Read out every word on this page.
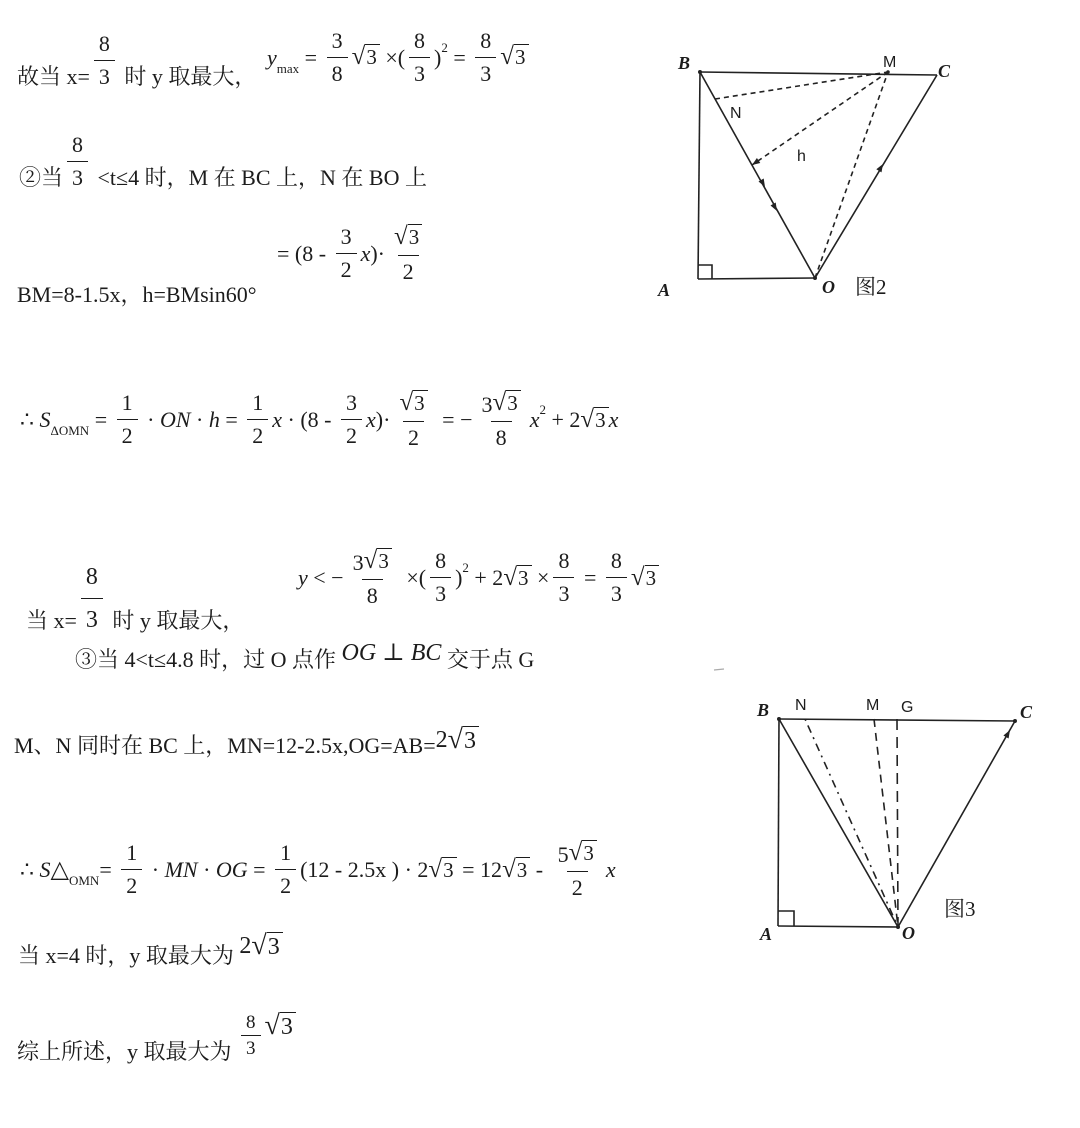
故当 $x= \frac{8}{3}$ 时 y 取最大，
y $\max = \frac{3}{8}$ √ 3 ×( $\frac{8}{3}$ ) $2 = \frac{8}{3}$ √ 3
②当 $\frac{8}{3} <t\le 4$ 时，M 在 BC 上，N 在 BO 上
BM=8-1.5x，h=BMsin60°
= ($8 - \frac{3}{2}$ x )· $\frac{√ 3}{2}$
∴ S $\Delta OMN = \frac{1}{2}$ · ON · $h = \frac{1}{2}$ $x \cdot (8 - \frac{3}{2}$ x )· $\frac{√ 3}{2}$ = − $\frac{3 √ 3}{8}$ x 2 + 2 √ 3 x
当 $x= \frac{8}{3}$ 时 y 取最大，
y < − $\frac{3 √ 3}{8}$ ×( $\frac{8}{3}$ ) 2 + 2 √ $3 \times \frac{8}{3} = \frac{8}{3}$ √ 3
③当 4<t≤4.8 时，过 O 点作 OG ⊥ BC 交于点 G
M、N 同时在 BC 上，MN=12-2.5x,OG=AB= 2 √ 3
∴ S △ OMN = $\frac{1}{2}$ · MN · OG = $\frac{1}{2} (12 - 2.5x$ ) · 2 √ 3 = 12 √ $3 - \frac{5 √ 3}{2}$ x
当 x=4 时，y 取最大为 2 √ 3
综上所述，y 取最大为 $\frac{8}{3}$ √ 3
B	M C
N
h
A	O 图2
B N	M G	C
A	O
图3
